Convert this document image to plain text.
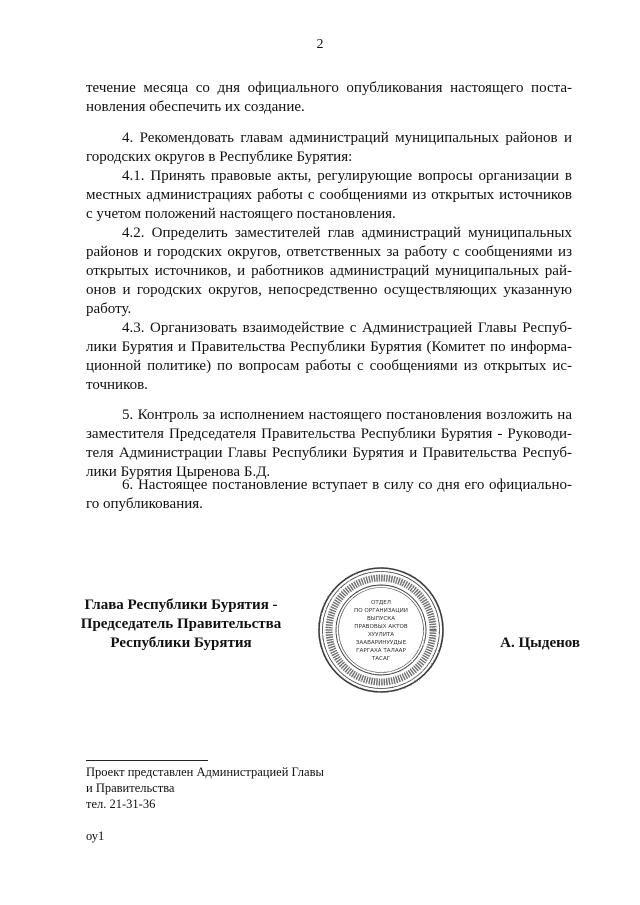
2
течение месяца со дня официального опубликования настоящего поста-
новления обеспечить их создание.
4. Рекомендовать главам администраций муниципальных районов и
городских округов в Республике Бурятия:
4.1. Принять правовые акты, регулирующие вопросы организации в
местных администрациях работы с сообщениями из открытых источников
с учетом положений настоящего постановления.
4.2. Определить заместителей глав администраций муниципальных
районов и городских округов, ответственных за работу с сообщениями из
открытых источников, и работников администраций муниципальных рай-
онов и городских округов, непосредственно осуществляющих указанную
работу.
4.3. Организовать взаимодействие с Администрацией Главы Респуб-
лики Бурятия и Правительства Республики Бурятия (Комитет по информа-
ционной политике) по вопросам работы с сообщениями из открытых ис-
точников.
5. Контроль за исполнением настоящего постановления возложить на
заместителя Председателя Правительства Республики Бурятия - Руководи-
теля Администрации Главы Республики Бурятия и Правительства Респуб-
лики Бурятия Цыренова Б.Д.
6. Настоящее постановление вступает в силу со дня его официально-
го опубликования.
Глава Республики Бурятия -
Председатель Правительства
Республики Бурятия
ОТДЕЛ
ПО ОРГАНИЗАЦИИ
ВЫПУСКА
ПРАВОВЫХ АКТОВ
ХУУЛИТА
ЗААВАРИНУУДЫЕ
ГАРГАХА ТАЛААР
ТАСАГ
А. Цыденов
Проект представлен Администрацией Главы
и Правительства
тел. 21-31-36
оу1
